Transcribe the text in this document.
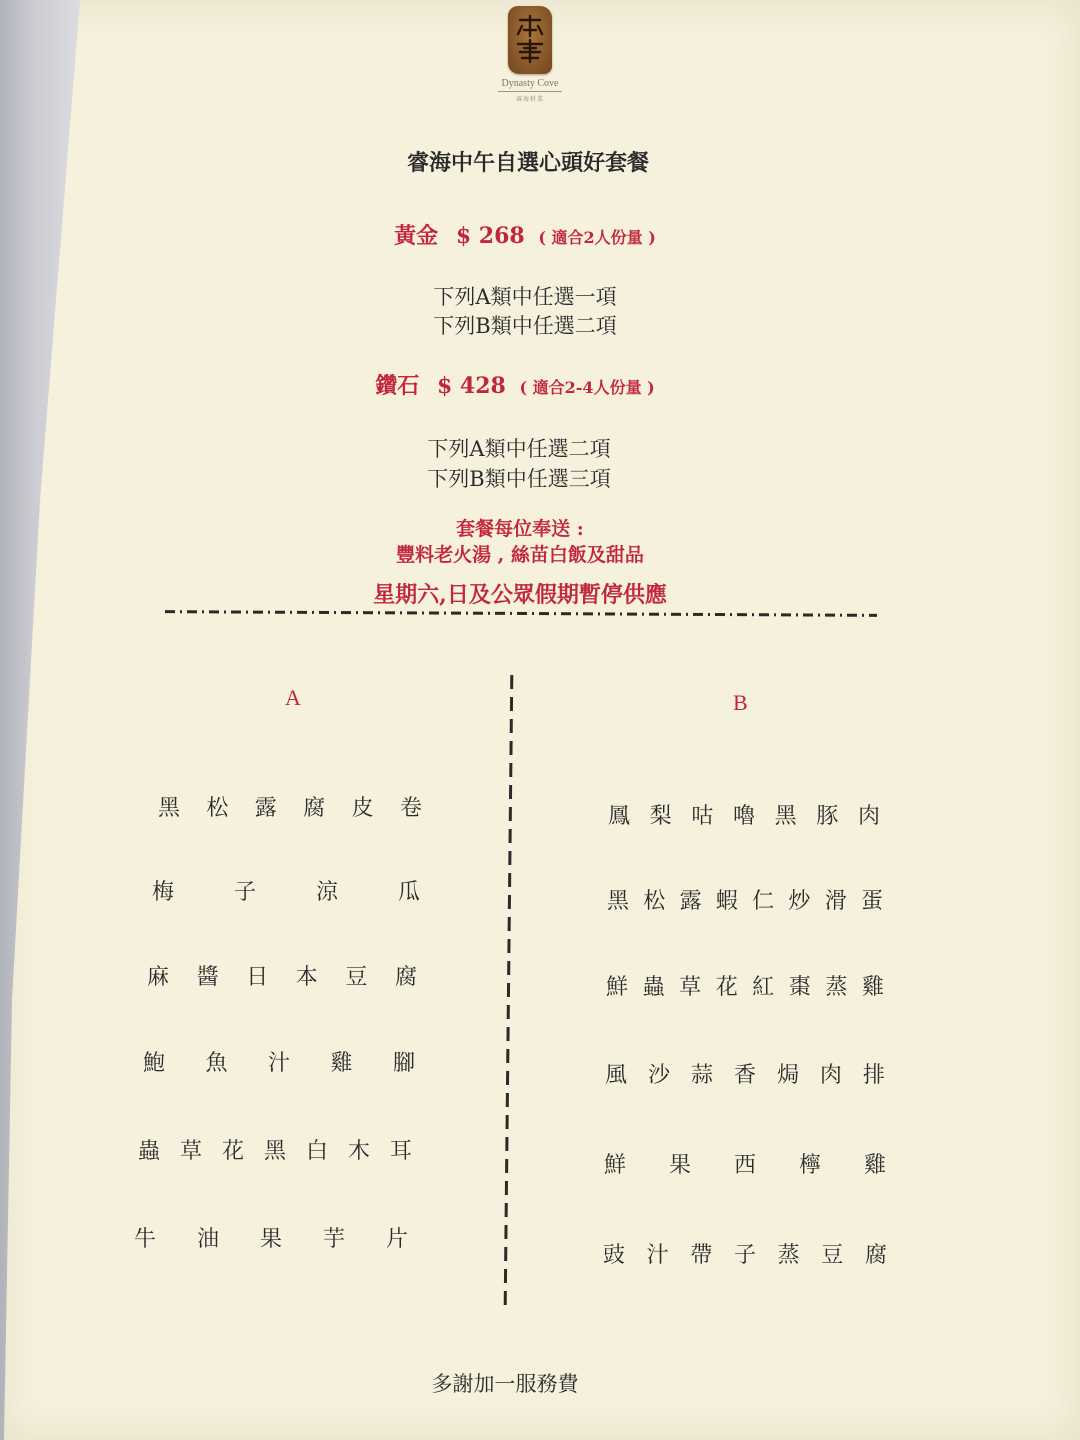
Dynasty Cove
睿海軒菜
睿海中午自選心頭好套餐
黃金 $ 268 ( 適合2人份量 )
下列A類中任選一項
下列B類中任選二項
鑽石 $ 428 ( 適合2-4人份量 )
下列A類中任選二項
下列B類中任選三項
套餐每位奉送 :
豐料老火湯 , 絲苗白飯及甜品
星期六,日及公眾假期暫停供應
A	B
黑 松 露 腐 皮 卷
梅	子	涼	瓜
麻 醬 日 本 豆 腐
鮑 魚 汁 雞 腳
蟲 草 花 黑 白 木 耳
牛 油 果 芋 片
鳳 梨 咕 嚕 黑 豚 肉
黑 松 露 蝦 仁 炒 滑 蛋
鮮 蟲 草 花 紅 棗 蒸 雞
風 沙 蒜 香 焗 肉 排
鮮 果 西 檸 雞
豉 汁 帶 子 蒸 豆 腐
多謝加一服務費
